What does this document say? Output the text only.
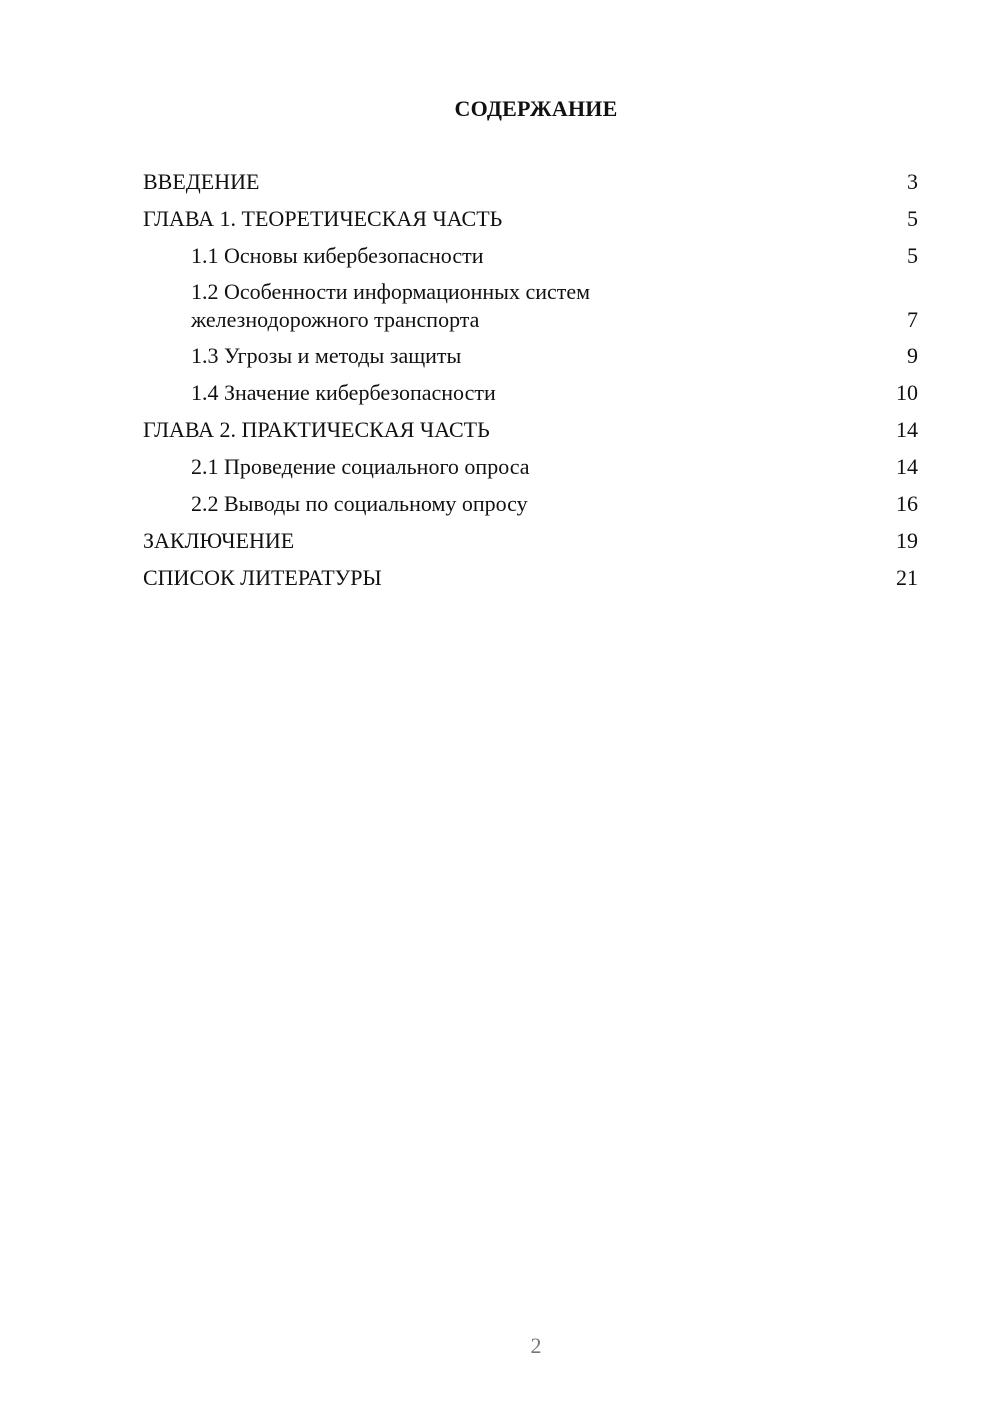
СОДЕРЖАНИЕ
ВВЕДЕНИЕ	3
ГЛАВА 1. ТЕОРЕТИЧЕСКАЯ ЧАСТЬ	5
1.1 Основы кибербезопасности	5
1.2 Особенности информационных систем железнодорожного транспорта	7
1.3 Угрозы и методы защиты	9
1.4 Значение кибербезопасности	10
ГЛАВА 2. ПРАКТИЧЕСКАЯ ЧАСТЬ	14
2.1 Проведение социального опроса	14
2.2 Выводы по социальному опросу	16
ЗАКЛЮЧЕНИЕ	19
СПИСОК ЛИТЕРАТУРЫ	21
2
